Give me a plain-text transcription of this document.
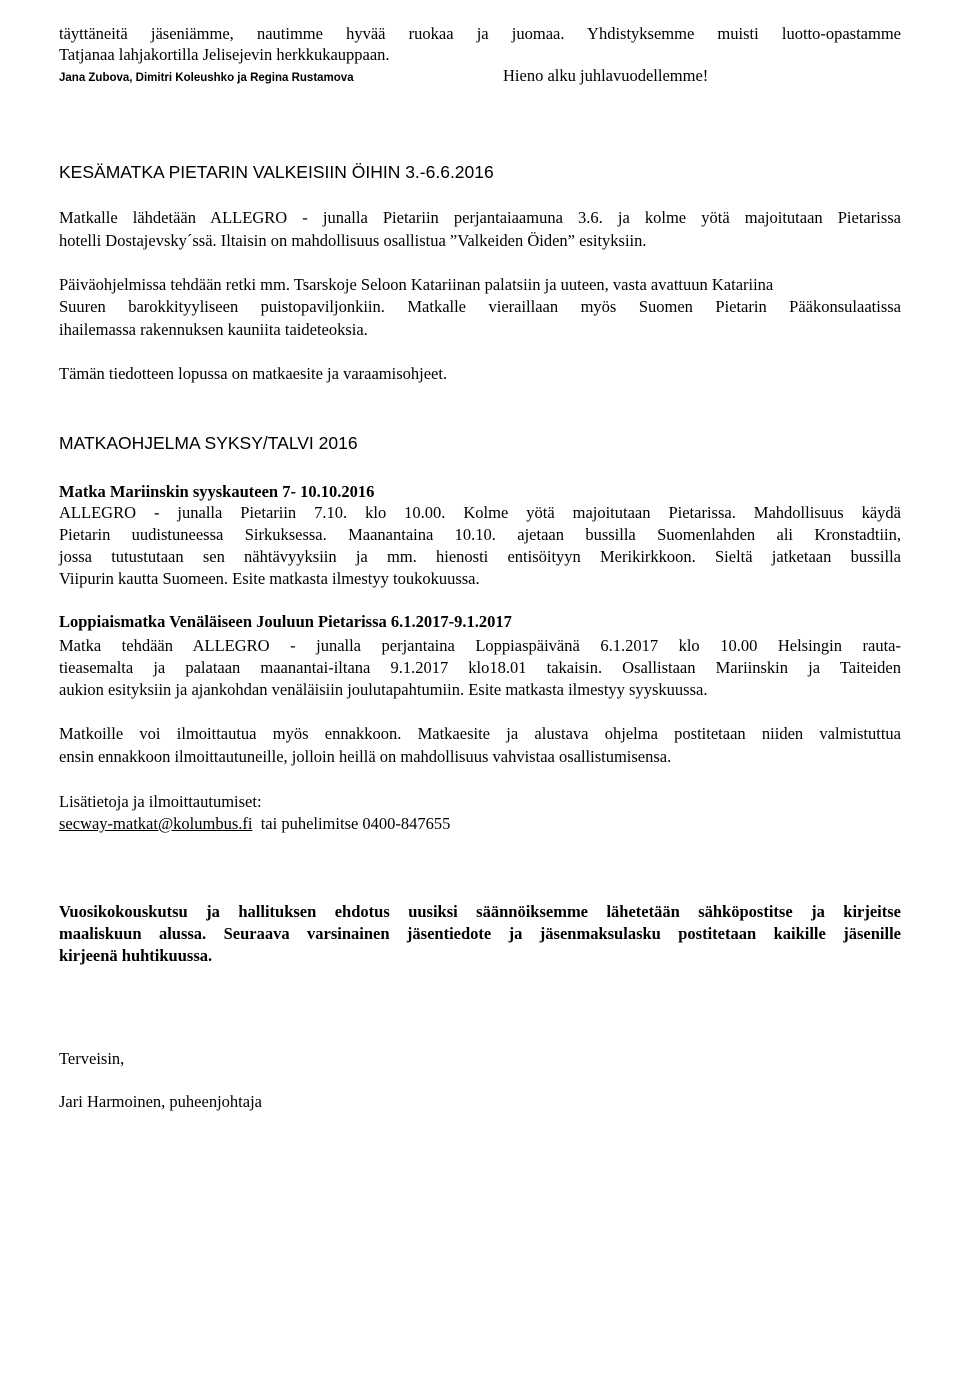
täyttäneitä jäseniämme, nautimme hyvää ruokaa ja juomaa. Yhdistyksemme muisti luotto-opastamme
Tatjanaa lahjakortilla Jelisejevin herkkukauppaan.
Jana Zubova, Dimitri Koleushko ja Regina Rustamova	Hieno alku juhlavuodellemme!
KESÄMATKA PIETARIN VALKEISIIN ÖIHIN 3.-6.6.2016
Matkalle lähdetään ALLEGRO - junalla Pietariin perjantaiaamuna 3.6. ja kolme yötä majoitutaan Pietarissa
hotelli Dostajevsky´ssä. Iltaisin on mahdollisuus osallistua ”Valkeiden Öiden” esityksiin.
Päiväohjelmissa tehdään retki mm. Tsarskoje Seloon Katariinan palatsiin ja uuteen, vasta avattuun Katariina
Suuren barokkityyliseen puistopaviljonkiin. Matkalle vieraillaan myös Suomen Pietarin Pääkonsulaatissa
ihailemassa rakennuksen kauniita taideteoksia.
Tämän tiedotteen lopussa on matkaesite ja varaamisohjeet.
MATKAOHJELMA SYKSY/TALVI 2016
Matka Mariinskin syyskauteen 7- 10.10.2016
ALLEGRO - junalla Pietariin 7.10. klo 10.00. Kolme yötä majoitutaan Pietarissa. Mahdollisuus käydä
Pietarin uudistuneessa Sirkuksessa. Maanantaina 10.10. ajetaan bussilla Suomenlahden ali Kronstadtiin,
jossa tutustutaan sen nähtävyyksiin ja mm. hienosti entisöityyn Merikirkkoon. Sieltä jatketaan bussilla
Viipurin kautta Suomeen. Esite matkasta ilmestyy toukokuussa.
Loppiaismatka Venäläiseen Jouluun Pietarissa 6.1.2017-9.1.2017
Matka tehdään ALLEGRO - junalla perjantaina Loppiaspäivänä 6.1.2017 klo 10.00 Helsingin rauta-
tieasemalta ja palataan maanantai-iltana 9.1.2017 klo18.01 takaisin. Osallistaan Mariinskin ja Taiteiden
aukion esityksiin ja ajankohdan venäläisiin joulutapahtumiin. Esite matkasta ilmestyy syyskuussa.
Matkoille voi ilmoittautua myös ennakkoon. Matkaesite ja alustava ohjelma postitetaan niiden valmistuttua
ensin ennakkoon ilmoittautuneille, jolloin heillä on mahdollisuus vahvistaa osallistumisensa.
Lisätietoja ja ilmoittautumiset:
secway-matkat@kolumbus.fi  tai puhelimitse 0400-847655
Vuosikokouskutsu ja hallituksen ehdotus uusiksi säännöiksemme lähetetään sähköpostitse ja kirjeitse
maaliskuun alussa. Seuraava varsinainen jäsentiedote ja jäsenmaksulasku postitetaan kaikille jäsenille
kirjeenä huhtikuussa.
Terveisin,
Jari Harmoinen, puheenjohtaja
